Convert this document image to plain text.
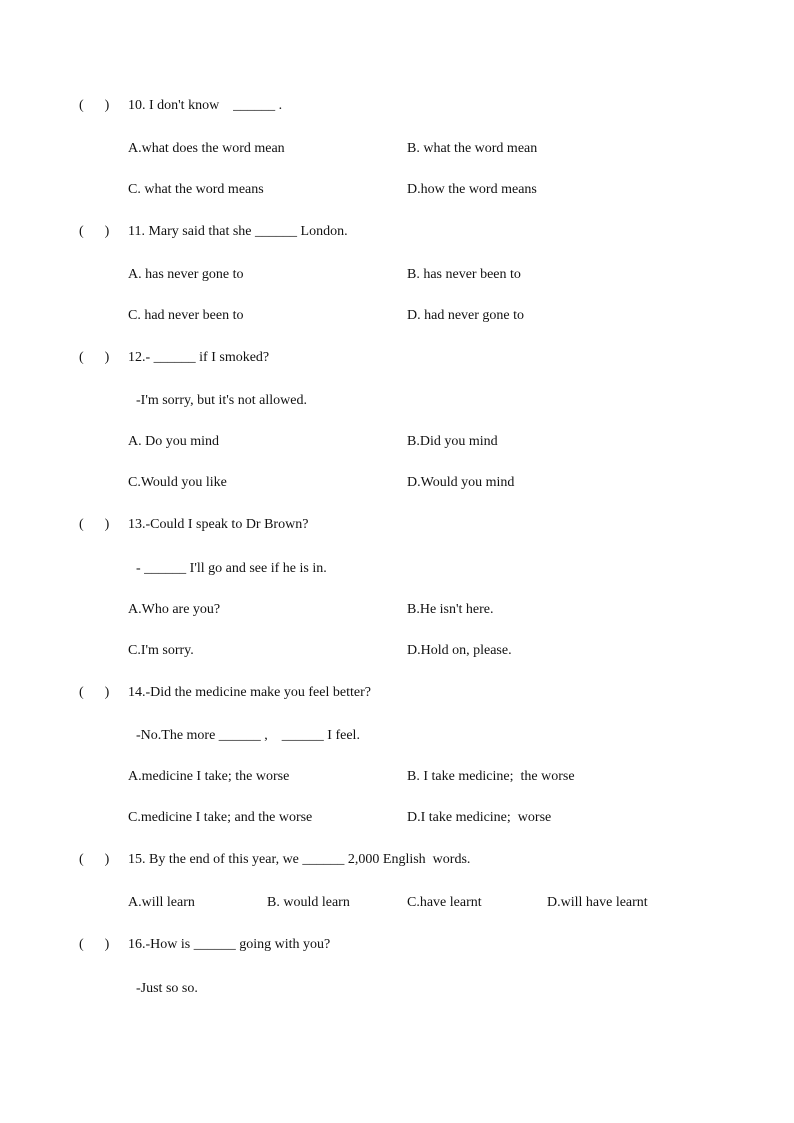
(      ) 10. I don't know    ______ .
A.what does the word mean	B. what the word mean
C. what the word means	D.how the word means
(      ) 11. Mary said that she ______ London.
A. has never gone to	B. has never been to
C. had never been to	D. had never gone to
(      ) 12.- ______ if I smoked?
-I'm sorry, but it's not allowed.
A. Do you mind	B.Did you mind
C.Would you like	D.Would you mind
(      ) 13.-Could I speak to Dr Brown?
- ______ I'll go and see if he is in.
A.Who are you?	B.He isn't here.
C.I'm sorry.	D.Hold on, please.
(      ) 14.-Did the medicine make you feel better?
-No.The more ______ ,    ______ I feel.
A.medicine I take; the worse	B. I take medicine;  the worse
C.medicine I take; and the worse	D.I take medicine;  worse
(      ) 15. By the end of this year, we ______ 2,000 English  words.
A.will learn	B. would learn	C.have learnt	D.will have learnt
(      ) 16.-How is ______ going with you?
-Just so so.
